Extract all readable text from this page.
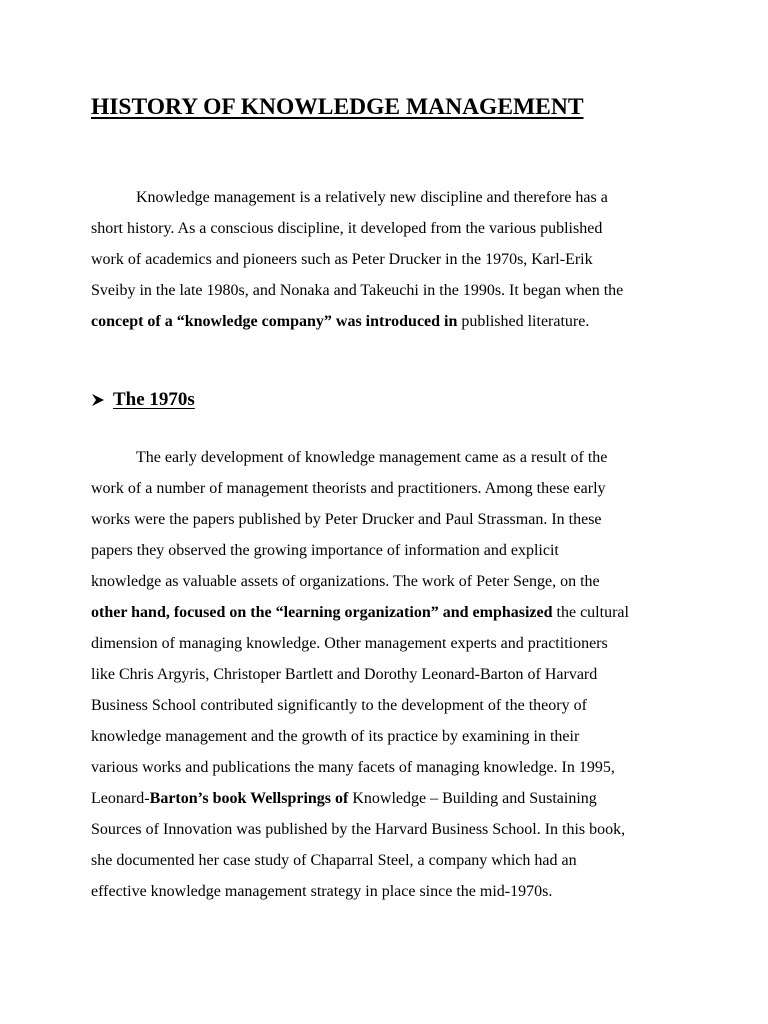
HISTORY OF KNOWLEDGE MANAGEMENT

Knowledge management is a relatively new discipline and therefore has a
short history. As a conscious discipline, it developed from the various published
work of academics and pioneers such as Peter Drucker in the 1970s, Karl-Erik
Sveiby in the late 1980s, and Nonaka and Takeuchi in the 1990s. It began when the
concept of a “knowledge company” was introduced in published literature.

The 1970s

The early development of knowledge management came as a result of the
work of a number of management theorists and practitioners. Among these early
works were the papers published by Peter Drucker and Paul Strassman. In these
papers they observed the growing importance of information and explicit
knowledge as valuable assets of organizations. The work of Peter Senge, on the
other hand, focused on the “learning organization” and emphasized the cultural
dimension of managing knowledge. Other management experts and practitioners
like Chris Argyris, Christoper Bartlett and Dorothy Leonard-Barton of Harvard
Business School contributed significantly to the development of the theory of
knowledge management and the growth of its practice by examining in their
various works and publications the many facets of managing knowledge. In 1995,
Leonard-Barton’s book Wellsprings of Knowledge – Building and Sustaining
Sources of Innovation was published by the Harvard Business School. In this book,
she documented her case study of Chaparral Steel, a company which had an
effective knowledge management strategy in place since the mid-1970s.
